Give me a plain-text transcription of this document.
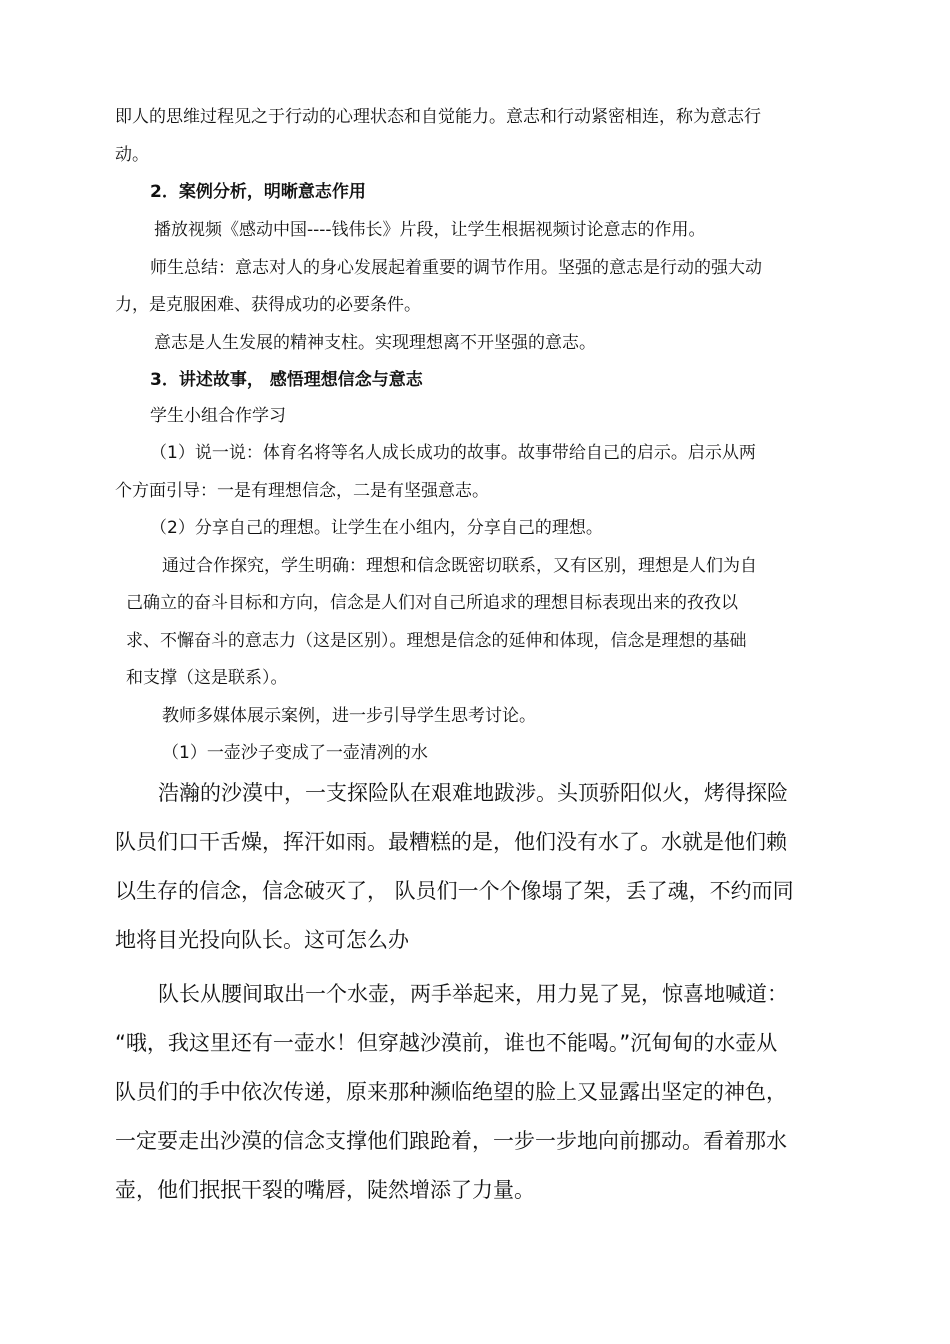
即人的思维过程见之于行动的心理状态和自觉能力。意志和行动紧密相连，称为意志行
动。
2．案例分析，明晰意志作用
播放视频《感动中国----钱伟长》片段，让学生根据视频讨论意志的作用。
师生总结：意志对人的身心发展起着重要的调节作用。坚强的意志是行动的强大动
力，是克服困难、获得成功的必要条件。
意志是人生发展的精神支柱。实现理想离不开坚强的意志。
3．讲述故事， 感悟理想信念与意志
学生小组合作学习
（1）说一说：体育名将等名人成长成功的故事。故事带给自己的启示。启示从两
个方面引导：一是有理想信念，二是有坚强意志。
（2）分享自己的理想。让学生在小组内，分享自己的理想。
通过合作探究，学生明确：理想和信念既密切联系，又有区别，理想是人们为自
己确立的奋斗目标和方向，信念是人们对自己所追求的理想目标表现出来的孜孜以
求、不懈奋斗的意志力（这是区别）。理想是信念的延伸和体现，信念是理想的基础
和支撑（这是联系）。
教师多媒体展示案例，进一步引导学生思考讨论。
（1）一壶沙子变成了一壶清冽的水
浩瀚的沙漠中，一支探险队在艰难地跋涉。头顶骄阳似火，烤得探险
队员们口干舌燥，挥汗如雨。最糟糕的是，他们没有水了。水就是他们赖
以生存的信念，信念破灭了， 队员们一个个像塌了架，丢了魂，不约而同
地将目光投向队长。这可怎么办
队长从腰间取出一个水壶，两手举起来，用力晃了晃，惊喜地喊道：
“哦，我这里还有一壶水！但穿越沙漠前，谁也不能喝。”沉甸甸的水壶从
队员们的手中依次传递，原来那种濒临绝望的脸上又显露出坚定的神色，
一定要走出沙漠的信念支撑他们踉跄着，一步一步地向前挪动。看着那水
壶，他们抿抿干裂的嘴唇，陡然增添了力量。
